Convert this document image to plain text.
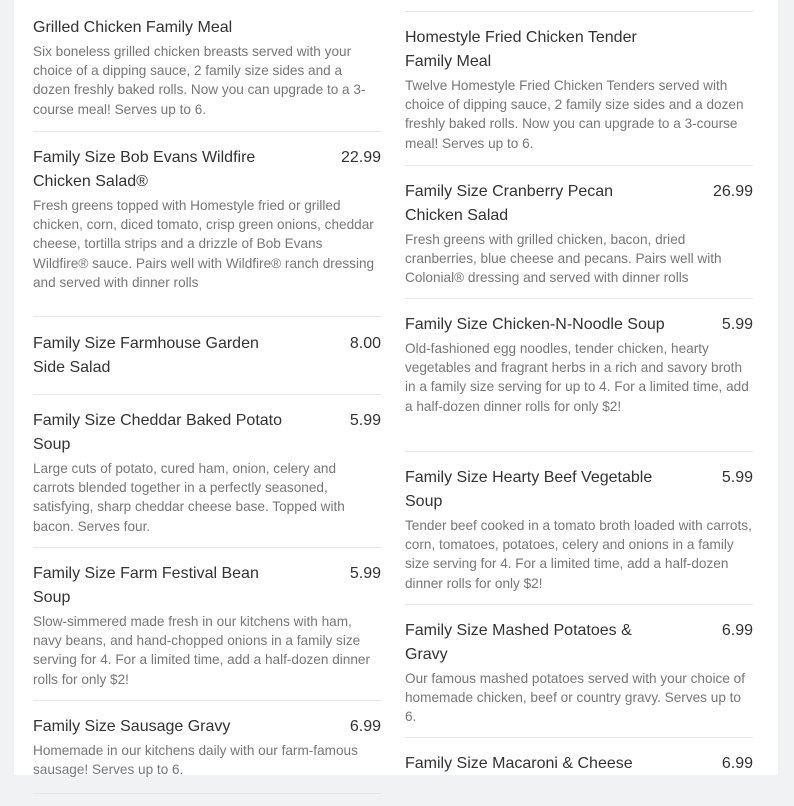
Grilled Chicken Family Meal
Six boneless grilled chicken breasts served with your choice of a dipping sauce, 2 family size sides and a dozen freshly baked rolls. Now you can upgrade to a 3-course meal! Serves up to 6.
Family Size Bob Evans Wildfire Chicken Salad®
22.99
Fresh greens topped with Homestyle fried or grilled chicken, corn, diced tomato, crisp green onions, cheddar cheese, tortilla strips and a drizzle of Bob Evans Wildfire® sauce. Pairs well with Wildfire® ranch dressing and served with dinner rolls
Family Size Farmhouse Garden Side Salad
8.00
Family Size Cheddar Baked Potato Soup
5.99
Large cuts of potato, cured ham, onion, celery and carrots blended together in a perfectly seasoned, satisfying, sharp cheddar cheese base. Topped with bacon. Serves four.
Family Size Farm Festival Bean Soup
5.99
Slow-simmered made fresh in our kitchens with ham, navy beans, and hand-chopped onions in a family size serving for 4. For a limited time, add a half-dozen dinner rolls for only $2!
Family Size Sausage Gravy	6.99
Homemade in our kitchens daily with our farm-famous sausage! Serves up to 6.
Homestyle Fried Chicken Tender Family Meal
Twelve Homestyle Fried Chicken Tenders served with choice of dipping sauce, 2 family size sides and a dozen freshly baked rolls. Now you can upgrade to a 3-course meal! Serves up to 6.
Family Size Cranberry Pecan Chicken Salad
26.99
Fresh greens with grilled chicken, bacon, dried cranberries, blue cheese and pecans. Pairs well with Colonial® dressing and served with dinner rolls
Family Size Chicken-N-Noodle Soup	5.99
Old-fashioned egg noodles, tender chicken, hearty vegetables and fragrant herbs in a rich and savory broth in a family size serving for up to 4. For a limited time, add a half-dozen dinner rolls for only $2!
Family Size Hearty Beef Vegetable Soup
5.99
Tender beef cooked in a tomato broth loaded with carrots, corn, tomatoes, potatoes, celery and onions in a family size serving for 4. For a limited time, add a half-dozen dinner rolls for only $2!
Family Size Mashed Potatoes & Gravy
6.99
Our famous mashed potatoes served with your choice of homemade chicken, beef or country gravy. Serves up to 6.
Family Size Macaroni & Cheese	6.99
